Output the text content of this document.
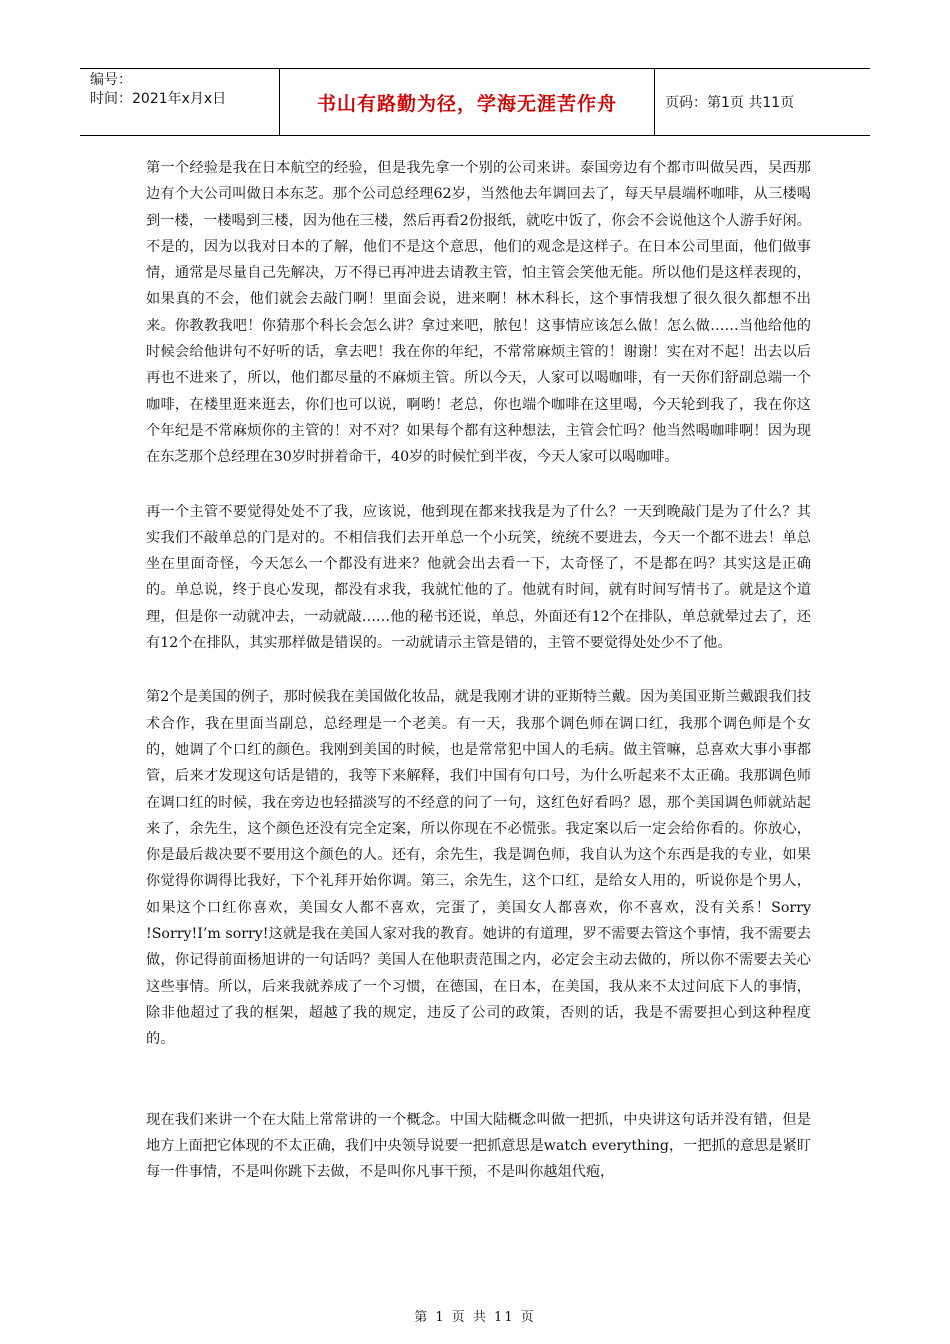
编号：
时间：2021年x月x日	书山有路勤为径，学海无涯苦作舟	页码：第1页 共11页

第一个经验是我在日本航空的经验，但是我先拿一个别的公司来讲。泰国旁边有个都市叫做吴西，吴西那边有个大公司叫做日本东芝。那个公司总经理62岁，当然他去年调回去了，每天早晨端杯咖啡，从三楼喝到一楼，一楼喝到三楼，因为他在三楼，然后再看2份报纸，就吃中饭了，你会不会说他这个人游手好闲。不是的，因为以我对日本的了解，他们不是这个意思，他们的观念是这样子。在日本公司里面，他们做事情，通常是尽量自己先解决，万不得已再冲进去请教主管，怕主管会笑他无能。所以他们是这样表现的，如果真的不会，他们就会去敲门啊！里面会说，进来啊！林木科长，这个事情我想了很久很久都想不出来。你教教我吧！你猜那个科长会怎么讲？拿过来吧，脓包！这事情应该怎么做！怎么做……当他给他的时候会给他讲句不好听的话，拿去吧！我在你的年纪，不常常麻烦主管的！谢谢！实在对不起！出去以后再也不进来了，所以，他们都尽量的不麻烦主管。所以今天，人家可以喝咖啡，有一天你们舒副总端一个咖啡，在楼里逛来逛去，你们也可以说，啊哟！老总，你也端个咖啡在这里喝，今天轮到我了，我在你这个年纪是不常麻烦你的主管的！对不对？如果每个都有这种想法，主管会忙吗？他当然喝咖啡啊！因为现在东芝那个总经理在30岁时拼着命干，40岁的时候忙到半夜，今天人家可以喝咖啡。

再一个主管不要觉得处处不了我，应该说，他到现在都来找我是为了什么？一天到晚敲门是为了什么？其实我们不敲单总的门是对的。不相信我们去开单总一个小玩笑，统统不要进去，今天一个都不进去！单总坐在里面奇怪，今天怎么一个都没有进来？他就会出去看一下，太奇怪了，不是都在吗？其实这是正确的。单总说，终于良心发现，都没有求我，我就忙他的了。他就有时间，就有时间写情书了。就是这个道理，但是你一动就冲去，一动就敲……他的秘书还说，单总，外面还有12个在排队，单总就晕过去了，还有12个在排队，其实那样做是错误的。一动就请示主管是错的，主管不要觉得处处少不了他。

第2个是美国的例子，那时候我在美国做化妆品，就是我刚才讲的亚斯特兰戴。因为美国亚斯兰戴跟我们技术合作，我在里面当副总，总经理是一个老美。有一天，我那个调色师在调口红，我那个调色师是个女的，她调了个口红的颜色。我刚到美国的时候，也是常常犯中国人的毛病。做主管嘛，总喜欢大事小事都管，后来才发现这句话是错的，我等下来解释，我们中国有句口号，为什么听起来不太正确。我那调色师在调口红的时候，我在旁边也轻描淡写的不经意的问了一句，这红色好看吗？恩，那个美国调色师就站起来了，余先生，这个颜色还没有完全定案，所以你现在不必慌张。我定案以后一定会给你看的。你放心，你是最后裁决要不要用这个颜色的人。还有，余先生，我是调色师，我自认为这个东西是我的专业，如果你觉得你调得比我好，下个礼拜开始你调。第三，余先生，这个口红，是给女人用的，听说你是个男人，如果这个口红你喜欢，美国女人都不喜欢，完蛋了，美国女人都喜欢，你不喜欢，没有关系！Sorry !Sorry!I’m sorry!这就是我在美国人家对我的教育。她讲的有道理，罗不需要去管这个事情，我不需要去做，你记得前面杨旭讲的一句话吗？美国人在他职责范围之内，必定会主动去做的，所以你不需要去关心这些事情。所以，后来我就养成了一个习惯，在德国，在日本，在美国，我从来不太过问底下人的事情，除非他超过了我的框架，超越了我的规定，违反了公司的政策，否则的话，我是不需要担心到这种程度的。

现在我们来讲一个在大陆上常常讲的一个概念。中国大陆概念叫做一把抓，中央讲这句话并没有错，但是地方上面把它体现的不太正确，我们中央领导说要一把抓意思是watch everything，一把抓的意思是紧盯每一件事情，不是叫你跳下去做，不是叫你凡事干预，不是叫你越俎代疱，

第 1 页 共 11 页
